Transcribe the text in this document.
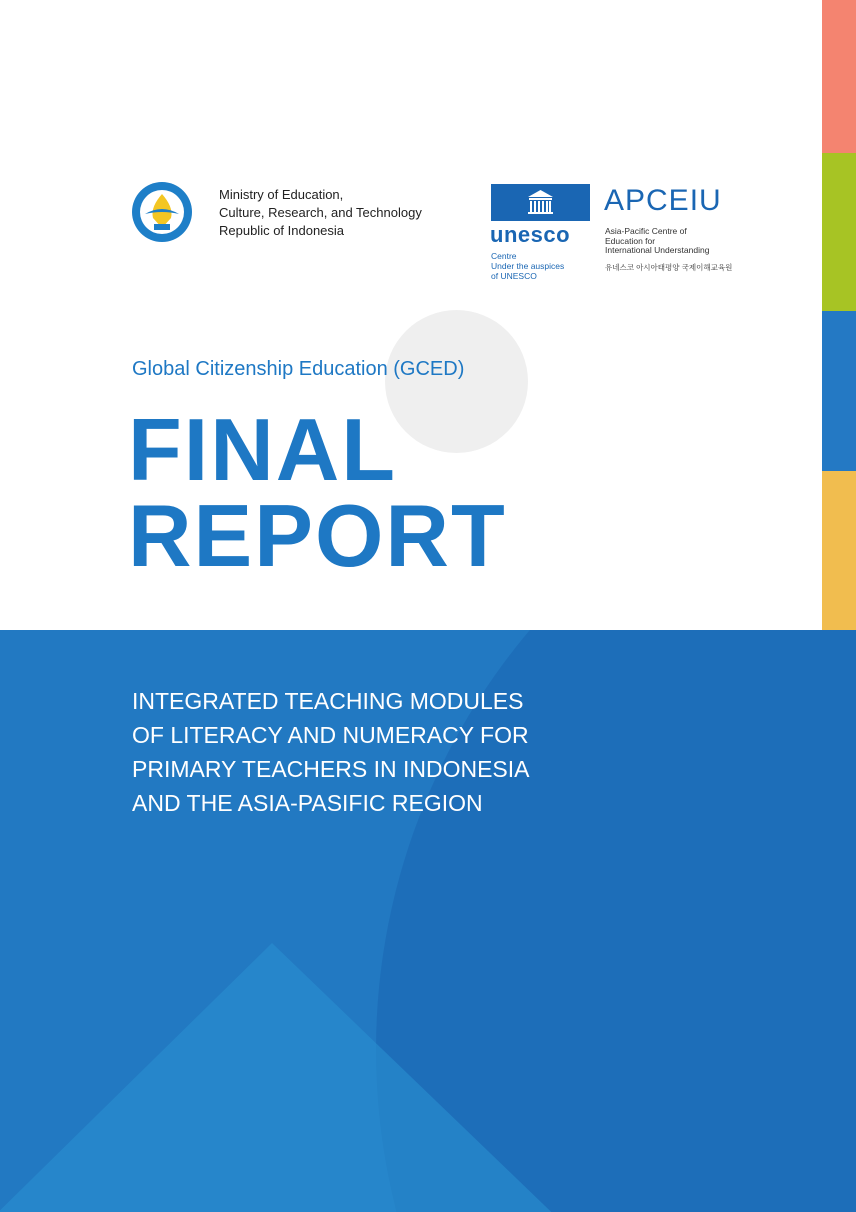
Ministry of Education,
Culture, Research, and Technology
Republic of Indonesia	unesco
Centre
Under the auspices
of UNESCO
APCEIU
Asia-Pacific Centre of
Education for
International Understanding
유네스코 아시아태평양 국제이해교육원
Global Citizenship Education (GCED)
FINAL
REPORT
INTEGRATED TEACHING MODULES
OF LITERACY AND NUMERACY FOR
PRIMARY TEACHERS IN INDONESIA
AND THE ASIA-PASIFIC REGION
